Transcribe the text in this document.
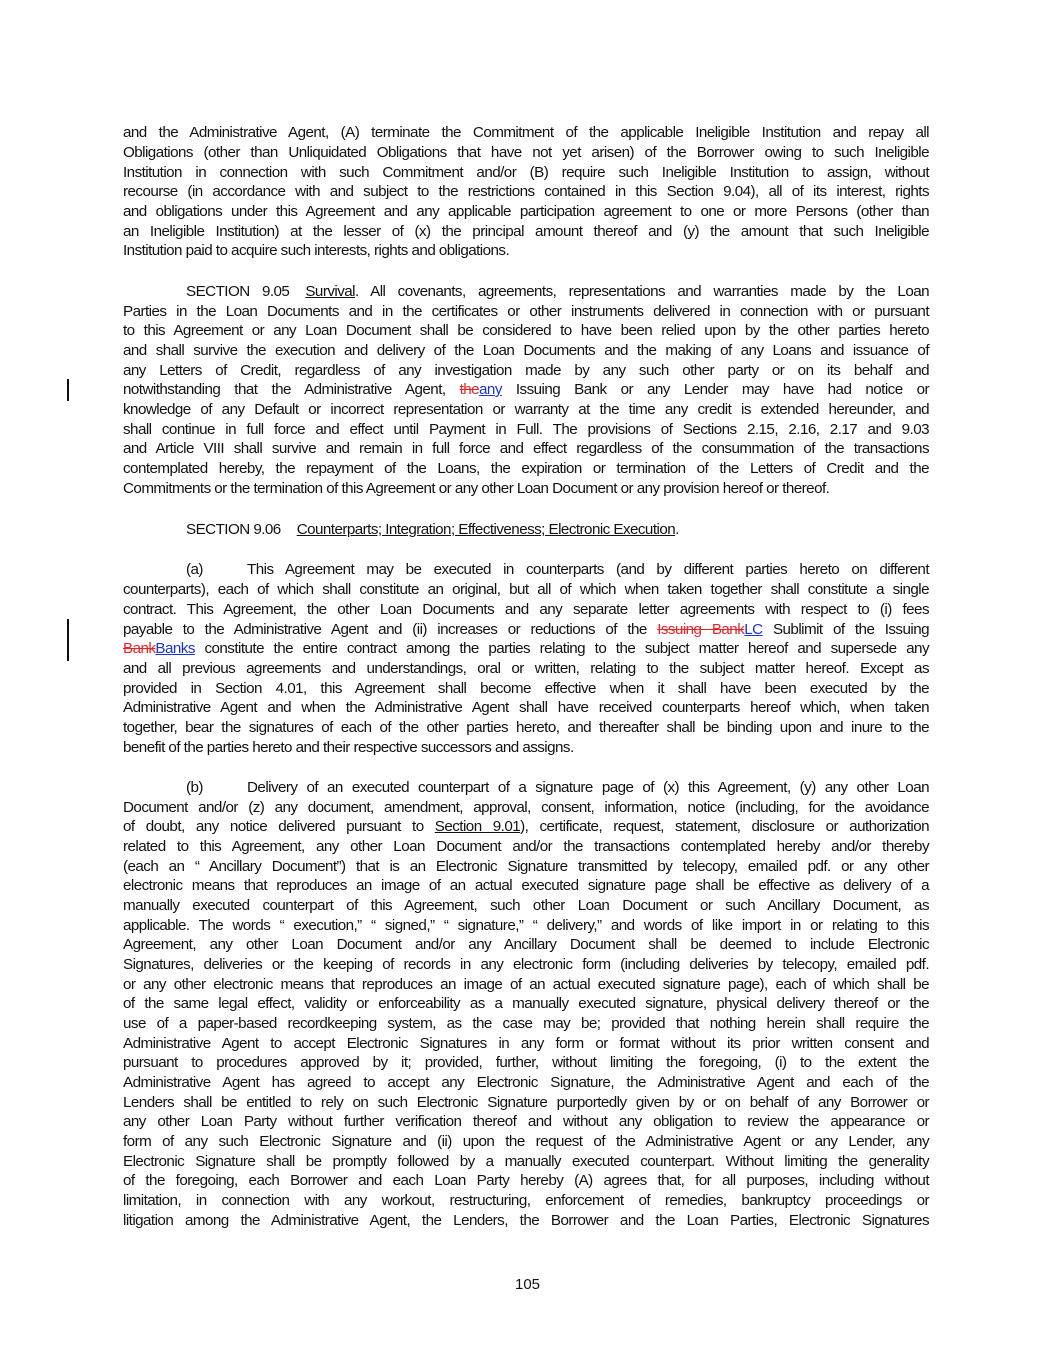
and the Administrative Agent, (A) terminate the Commitment of the applicable Ineligible Institution and repay all
Obligations (other than Unliquidated Obligations that have not yet arisen) of the Borrower owing to such Ineligible
Institution in connection with such Commitment and/or (B) require such Ineligible Institution to assign, without
recourse (in accordance with and subject to the restrictions contained in this Section 9.04), all of its interest, rights
and obligations under this Agreement and any applicable participation agreement to one or more Persons (other than
an Ineligible Institution) at the lesser of (x) the principal amount thereof and (y) the amount that such Ineligible
Institution paid to acquire such interests, rights and obligations.
SECTION 9.05 Survival. All covenants, agreements, representations and warranties made by the Loan
Parties in the Loan Documents and in the certificates or other instruments delivered in connection with or pursuant
to this Agreement or any Loan Document shall be considered to have been relied upon by the other parties hereto
and shall survive the execution and delivery of the Loan Documents and the making of any Loans and issuance of
any Letters of Credit, regardless of any investigation made by any such other party or on its behalf and
notwithstanding that the Administrative Agent, theany Issuing Bank or any Lender may have had notice or
knowledge of any Default or incorrect representation or warranty at the time any credit is extended hereunder, and
shall continue in full force and effect until Payment in Full. The provisions of Sections 2.15, 2.16, 2.17 and 9.03
and Article VIII shall survive and remain in full force and effect regardless of the consummation of the transactions
contemplated hereby, the repayment of the Loans, the expiration or termination of the Letters of Credit and the
Commitments or the termination of this Agreement or any other Loan Document or any provision hereof or thereof.
SECTION 9.06 Counterparts; Integration; Effectiveness; Electronic Execution.
(a)	This Agreement may be executed in counterparts (and by different parties hereto on different
counterparts), each of which shall constitute an original, but all of which when taken together shall constitute a single
contract. This Agreement, the other Loan Documents and any separate letter agreements with respect to (i) fees
payable to the Administrative Agent and (ii) increases or reductions of the Issuing BankLC Sublimit of the Issuing
BankBanks constitute the entire contract among the parties relating to the subject matter hereof and supersede any
and all previous agreements and understandings, oral or written, relating to the subject matter hereof. Except as
provided in Section 4.01, this Agreement shall become effective when it shall have been executed by the
Administrative Agent and when the Administrative Agent shall have received counterparts hereof which, when taken
together, bear the signatures of each of the other parties hereto, and thereafter shall be binding upon and inure to the
benefit of the parties hereto and their respective successors and assigns.
(b)	Delivery of an executed counterpart of a signature page of (x) this Agreement, (y) any other Loan
Document and/or (z) any document, amendment, approval, consent, information, notice (including, for the avoidance
of doubt, any notice delivered pursuant to Section 9.01), certificate, request, statement, disclosure or authorization
related to this Agreement, any other Loan Document and/or the transactions contemplated hereby and/or thereby
(each an “ Ancillary Document”) that is an Electronic Signature transmitted by telecopy, emailed pdf. or any other
electronic means that reproduces an image of an actual executed signature page shall be effective as delivery of a
manually executed counterpart of this Agreement, such other Loan Document or such Ancillary Document, as
applicable. The words “ execution,” “ signed,” “ signature,” “ delivery,” and words of like import in or relating to this
Agreement, any other Loan Document and/or any Ancillary Document shall be deemed to include Electronic
Signatures, deliveries or the keeping of records in any electronic form (including deliveries by telecopy, emailed pdf.
or any other electronic means that reproduces an image of an actual executed signature page), each of which shall be
of the same legal effect, validity or enforceability as a manually executed signature, physical delivery thereof or the
use of a paper-based recordkeeping system, as the case may be; provided that nothing herein shall require the
Administrative Agent to accept Electronic Signatures in any form or format without its prior written consent and
pursuant to procedures approved by it; provided, further, without limiting the foregoing, (i) to the extent the
Administrative Agent has agreed to accept any Electronic Signature, the Administrative Agent and each of the
Lenders shall be entitled to rely on such Electronic Signature purportedly given by or on behalf of any Borrower or
any other Loan Party without further verification thereof and without any obligation to review the appearance or
form of any such Electronic Signature and (ii) upon the request of the Administrative Agent or any Lender, any
Electronic Signature shall be promptly followed by a manually executed counterpart. Without limiting the generality
of the foregoing, each Borrower and each Loan Party hereby (A) agrees that, for all purposes, including without
limitation, in connection with any workout, restructuring, enforcement of remedies, bankruptcy proceedings or
litigation among the Administrative Agent, the Lenders, the Borrower and the Loan Parties, Electronic Signatures
105
